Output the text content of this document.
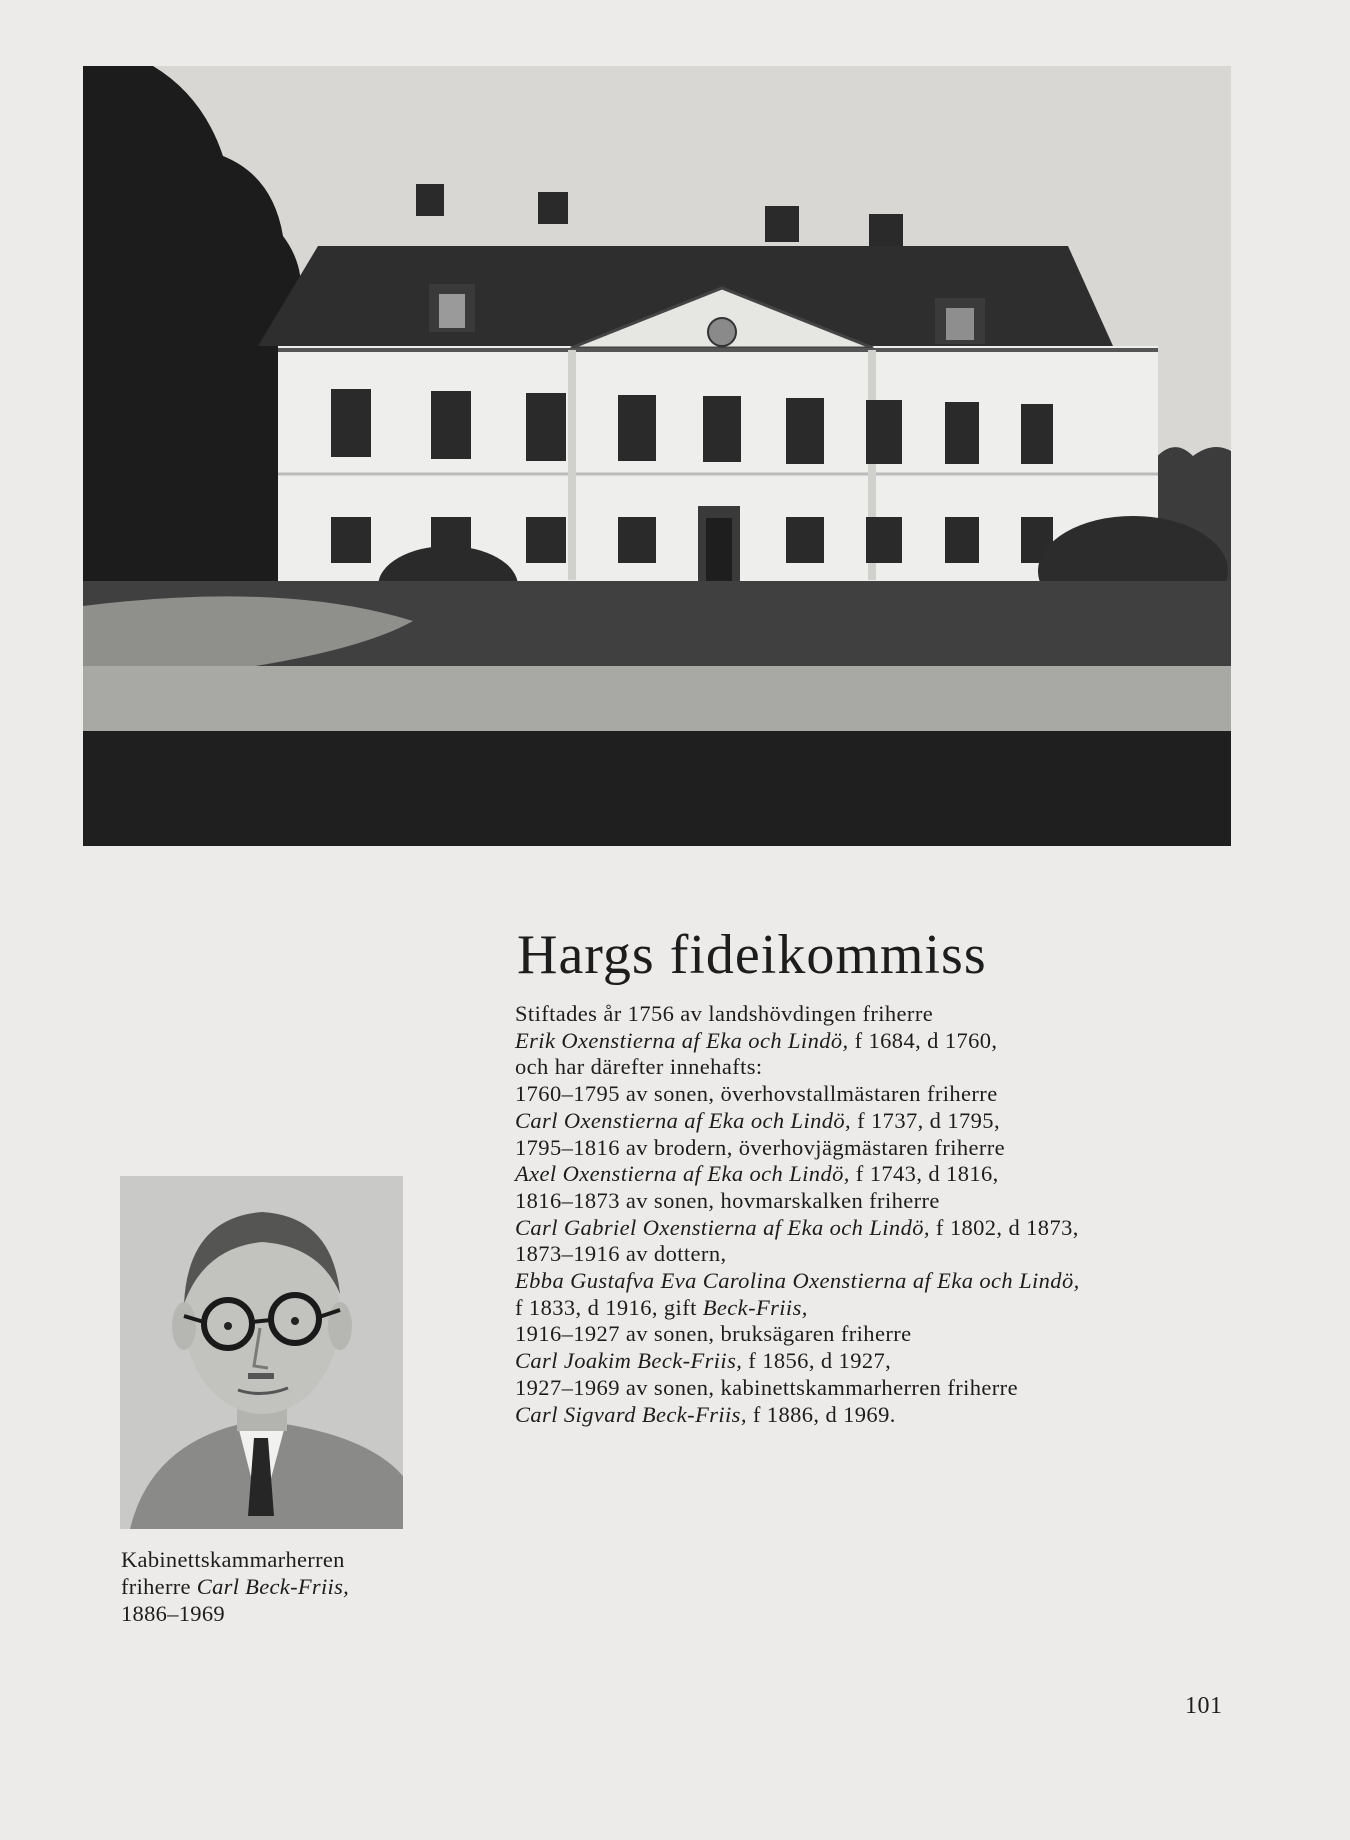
Hargs fideikommiss
Stiftades år 1756 av landshövdingen friherre
Erik Oxenstierna af Eka och Lindö, f 1684, d 1760,
och har därefter innehafts:
1760–1795 av sonen, överhovstallmästaren friherre
Carl Oxenstierna af Eka och Lindö, f 1737, d 1795,
1795–1816 av brodern, överhovjägmästaren friherre
Axel Oxenstierna af Eka och Lindö, f 1743, d 1816,
1816–1873 av sonen, hovmarskalken friherre
Carl Gabriel Oxenstierna af Eka och Lindö, f 1802, d 1873,
1873–1916 av dottern,
Ebba Gustafva Eva Carolina Oxenstierna af Eka och Lindö,
f 1833, d 1916, gift Beck-Friis,
1916–1927 av sonen, bruksägaren friherre
Carl Joakim Beck-Friis, f 1856, d 1927,
1927–1969 av sonen, kabinettskammarherren friherre
Carl Sigvard Beck-Friis, f 1886, d 1969.
Kabinettskammarherren
friherre Carl Beck-Friis,
1886–1969
101
